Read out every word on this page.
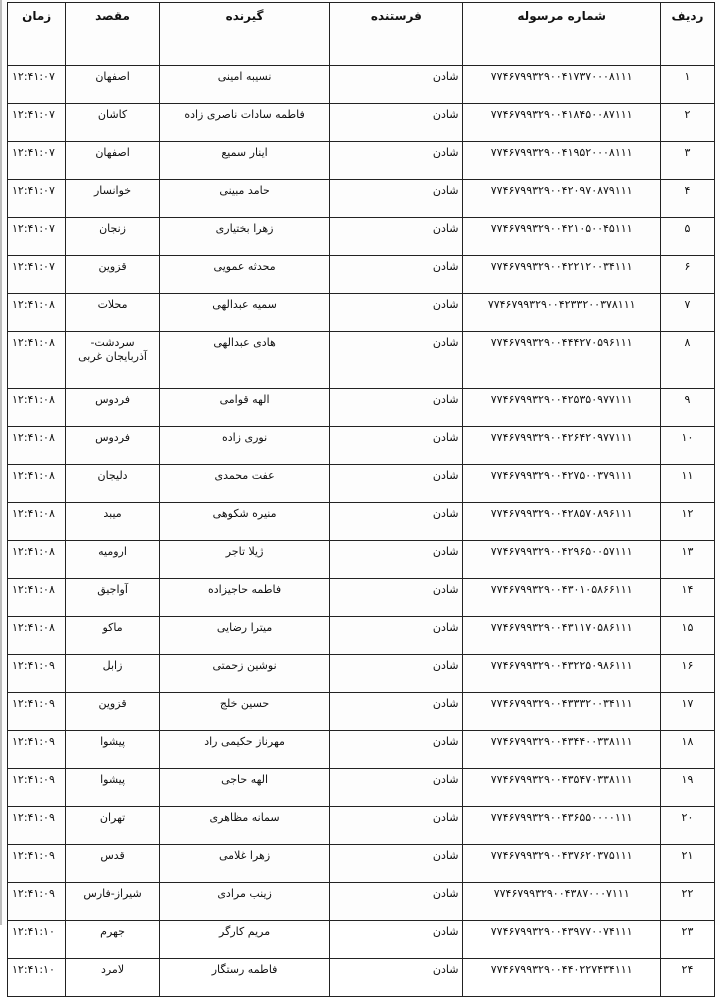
ردیف	شماره مرسوله	فرستنده	گیرنده	مقصد	زمان
۱	۷۷۴۶۷۹۹۳۲۹۰۰۴۱۷۳۷۰۰۰۸۱۱۱	شادن	نسیبه امینی	اصفهان	۱۲:۴۱:۰۷
۲	۷۷۴۶۷۹۹۳۲۹۰۰۴۱۸۴۵۰۰۸۷۱۱۱	شادن	فاطمه سادات ناصری زاده	کاشان	۱۲:۴۱:۰۷
۳	۷۷۴۶۷۹۹۳۲۹۰۰۴۱۹۵۲۰۰۰۸۱۱۱	شادن	اینار سمیع	اصفهان	۱۲:۴۱:۰۷
۴	۷۷۴۶۷۹۹۳۲۹۰۰۴۲۰۹۷۰۸۷۹۱۱۱	شادن	حامد مبینی	خوانسار	۱۲:۴۱:۰۷
۵	۷۷۴۶۷۹۹۳۲۹۰۰۴۲۱۰۵۰۰۴۵۱۱۱	شادن	زهرا بختیاری	زنجان	۱۲:۴۱:۰۷
۶	۷۷۴۶۷۹۹۳۲۹۰۰۴۲۲۱۲۰۰۳۴۱۱۱	شادن	محدثه عمویی	قزوین	۱۲:۴۱:۰۷
۷	۷۷۴۶۷۹۹۳۲۹۰۰۴۲۳۳۲۰۰۳۷۸۱۱۱	شادن	سمیه عبدالهی	محلات	۱۲:۴۱:۰۸
۸	۷۷۴۶۷۹۹۳۲۹۰۰۴۴۴۲۷۰۵۹۶۱۱۱	شادن	هادی عبدالهی	سردشت-آذربایجان غربی	۱۲:۴۱:۰۸
۹	۷۷۴۶۷۹۹۳۲۹۰۰۴۲۵۳۵۰۹۷۷۱۱۱	شادن	الهه قوامی	فردوس	۱۲:۴۱:۰۸
۱۰	۷۷۴۶۷۹۹۳۲۹۰۰۴۲۶۴۲۰۹۷۷۱۱۱	شادن	نوری زاده	فردوس	۱۲:۴۱:۰۸
۱۱	۷۷۴۶۷۹۹۳۲۹۰۰۴۲۷۵۰۰۳۷۹۱۱۱	شادن	عفت محمدی	دلیجان	۱۲:۴۱:۰۸
۱۲	۷۷۴۶۷۹۹۳۲۹۰۰۴۲۸۵۷۰۸۹۶۱۱۱	شادن	منیره شکوهی	میبد	۱۲:۴۱:۰۸
۱۳	۷۷۴۶۷۹۹۳۲۹۰۰۴۲۹۶۵۰۰۵۷۱۱۱	شادن	ژیلا تاجر	ارومیه	۱۲:۴۱:۰۸
۱۴	۷۷۴۶۷۹۹۳۲۹۰۰۴۳۰۱۰۵۸۶۶۱۱۱	شادن	فاطمه حاجیزاده	آواجیق	۱۲:۴۱:۰۸
۱۵	۷۷۴۶۷۹۹۳۲۹۰۰۴۳۱۱۷۰۵۸۶۱۱۱	شادن	میترا رضایی	ماکو	۱۲:۴۱:۰۸
۱۶	۷۷۴۶۷۹۹۳۲۹۰۰۴۳۲۲۵۰۹۸۶۱۱۱	شادن	نوشین زحمتی	زابل	۱۲:۴۱:۰۹
۱۷	۷۷۴۶۷۹۹۳۲۹۰۰۴۳۳۳۲۰۰۳۴۱۱۱	شادن	حسین خلج	قزوین	۱۲:۴۱:۰۹
۱۸	۷۷۴۶۷۹۹۳۲۹۰۰۴۳۴۴۰۰۳۳۸۱۱۱	شادن	مهرناز حکیمی راد	پیشوا	۱۲:۴۱:۰۹
۱۹	۷۷۴۶۷۹۹۳۲۹۰۰۴۳۵۴۷۰۳۳۸۱۱۱	شادن	الهه حاجی	پیشوا	۱۲:۴۱:۰۹
۲۰	۷۷۴۶۷۹۹۳۲۹۰۰۴۳۶۵۵۰۰۰۰۱۱۱	شادن	سمانه مظاهری	تهران	۱۲:۴۱:۰۹
۲۱	۷۷۴۶۷۹۹۳۲۹۰۰۴۳۷۶۲۰۳۷۵۱۱۱	شادن	زهرا غلامی	قدس	۱۲:۴۱:۰۹
۲۲	۷۷۴۶۷۹۹۳۲۹۰۰۴۳۸۷۰۰۰۷۱۱۱	شادن	زینب مرادی	شیراز-فارس	۱۲:۴۱:۰۹
۲۳	۷۷۴۶۷۹۹۳۲۹۰۰۴۳۹۷۷۰۰۷۴۱۱۱	شادن	مریم کارگر	جهرم	۱۲:۴۱:۱۰
۲۴	۷۷۴۶۷۹۹۳۲۹۰۰۴۴۰۲۲۷۴۳۴۱۱۱	شادن	فاطمه رستگار	لامرد	۱۲:۴۱:۱۰
